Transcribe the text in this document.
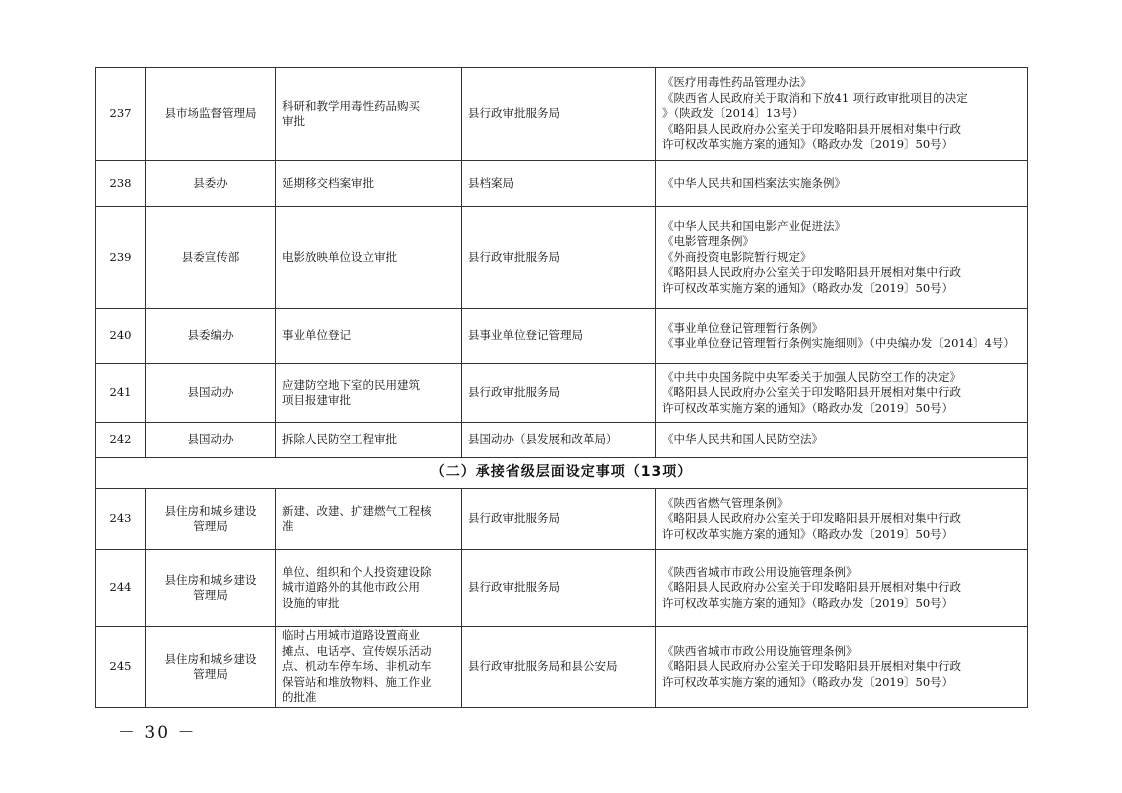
237	县市场监督管理局	科研和教学用毒性药品购买
审批	县行政审批服务局	《医疗用毒性药品管理办法》
《陕西省人民政府关于取消和下放41 项行政审批项目的决定
》（陕政发〔2014〕13号）
《略阳县人民政府办公室关于印发略阳县开展相对集中行政
许可权改革实施方案的通知》（略政办发〔2019〕50号）

238	县委办	延期移交档案审批	县档案局	《中华人民共和国档案法实施条例》

239	县委宣传部	电影放映单位设立审批	县行政审批服务局	《中华人民共和国电影产业促进法》
《电影管理条例》
《外商投资电影院暂行规定》
《略阳县人民政府办公室关于印发略阳县开展相对集中行政
许可权改革实施方案的通知》（略政办发〔2019〕50号）

240	县委编办	事业单位登记	县事业单位登记管理局	《事业单位登记管理暂行条例》
《事业单位登记管理暂行条例实施细则》（中央编办发〔2014〕4号）

241	县国动办	应建防空地下室的民用建筑
项目报建审批	县行政审批服务局	《中共中央国务院中央军委关于加强人民防空工作的决定》
《略阳县人民政府办公室关于印发略阳县开展相对集中行政
许可权改革实施方案的通知》（略政办发〔2019〕50号）

242	县国动办	拆除人民防空工程审批	县国动办（县发展和改革局）	《中华人民共和国人民防空法》

（二）承接省级层面设定事项（13项）				
243	县住房和城乡建设
管理局	新建、改建、扩建燃气工程核
准	县行政审批服务局	《陕西省燃气管理条例》
《略阳县人民政府办公室关于印发略阳县开展相对集中行政
许可权改革实施方案的通知》（略政办发〔2019〕50号）

244	县住房和城乡建设
管理局	单位、组织和个人投资建设除
城市道路外的其他市政公用
设施的审批	县行政审批服务局	《陕西省城市市政公用设施管理条例》
《略阳县人民政府办公室关于印发略阳县开展相对集中行政
许可权改革实施方案的通知》（略政办发〔2019〕50号）

245	县住房和城乡建设
管理局	临时占用城市道路设置商业
摊点、电话亭、宣传娱乐活动
点、机动车停车场、非机动车
保管站和堆放物料、施工作业
的批准	县行政审批服务局和县公安局	《陕西省城市市政公用设施管理条例》
《略阳县人民政府办公室关于印发略阳县开展相对集中行政
许可权改革实施方案的通知》（略政办发〔2019〕50号）
－ 30 －
